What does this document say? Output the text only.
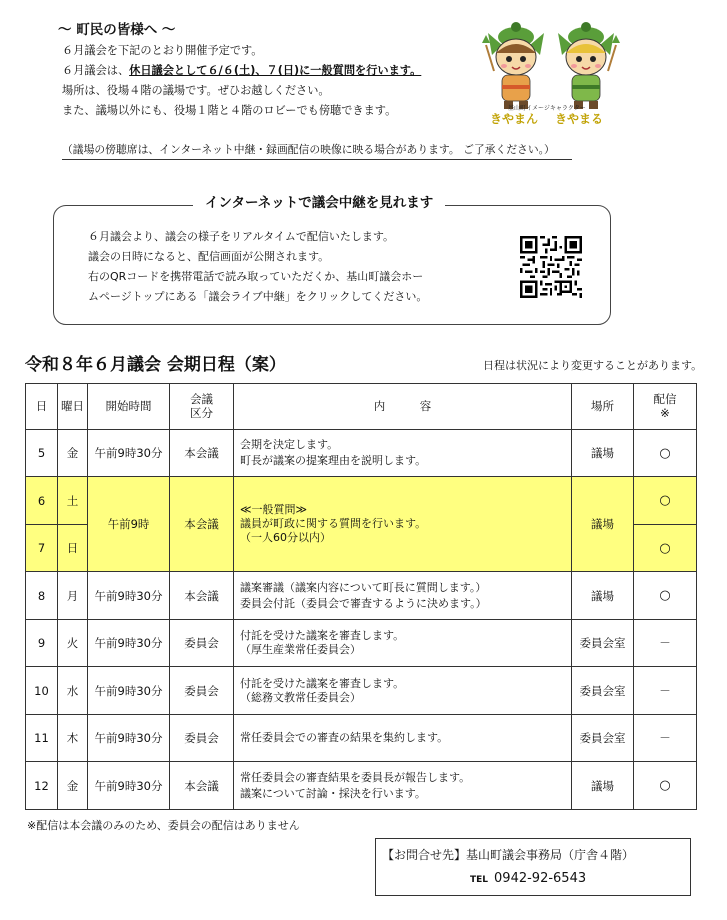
～ 町民の皆様へ ～
６月議会を下記のとおり開催予定です。
６月議会は、休日議会として６/６(土)、７(日)に一般質問を行います。
場所は、役場４階の議場です。ぜひお越しください。
また、議場以外にも、役場１階と４階のロビーでも傍聴できます。
（議場の傍聴席は、インターネット中継・録画配信の映像に映る場合があります。 ご了承ください。）
基山町イメージキャラクター
きやまん きやまる
インターネットで議会中継を見れます
６月議会より、議会の様子をリアルタイムで配信いたします。
議会の日時になると、配信画面が公開されます。
右のQRコードを携帯電話で読み取っていただくか、基山町議会ホー
ムページトップにある「議会ライブ中継」をクリックしてください。
令和８年６月議会 会期日程（案）	日程は状況により変更することがあります。
日	曜日	開始時間	会議区分	内　　　容	場所	配信※

5	金	午前9時30分	本会議	会期を決定します。
町長が議案の提案理由を説明します。	議場	○
6	土	午前9時	本会議	≪一般質問≫
議員が町政に関する質問を行います。
（一人60分以内）	議場	○
7	日					○
8	月	午前9時30分	本会議	議案審議（議案内容について町長に質問します。）
委員会付託（委員会で審査するように決めます。）	議場	○
9	火	午前9時30分	委員会	付託を受けた議案を審査します。
（厚生産業常任委員会）	委員会室	－
10	水	午前9時30分	委員会	付託を受けた議案を審査します。
（総務文教常任委員会）	委員会室	－
11	木	午前9時30分	委員会	常任委員会での審査の結果を集約します。	委員会室	－
12	金	午前9時30分	本会議	常任委員会の審査結果を委員長が報告します。
議案について討論・採決を行います。	議場	○
※配信は本会議のみのため、委員会の配信はありません
【お問合せ先】基山町議会事務局（庁舎４階）
TEL 0942-92-6543
